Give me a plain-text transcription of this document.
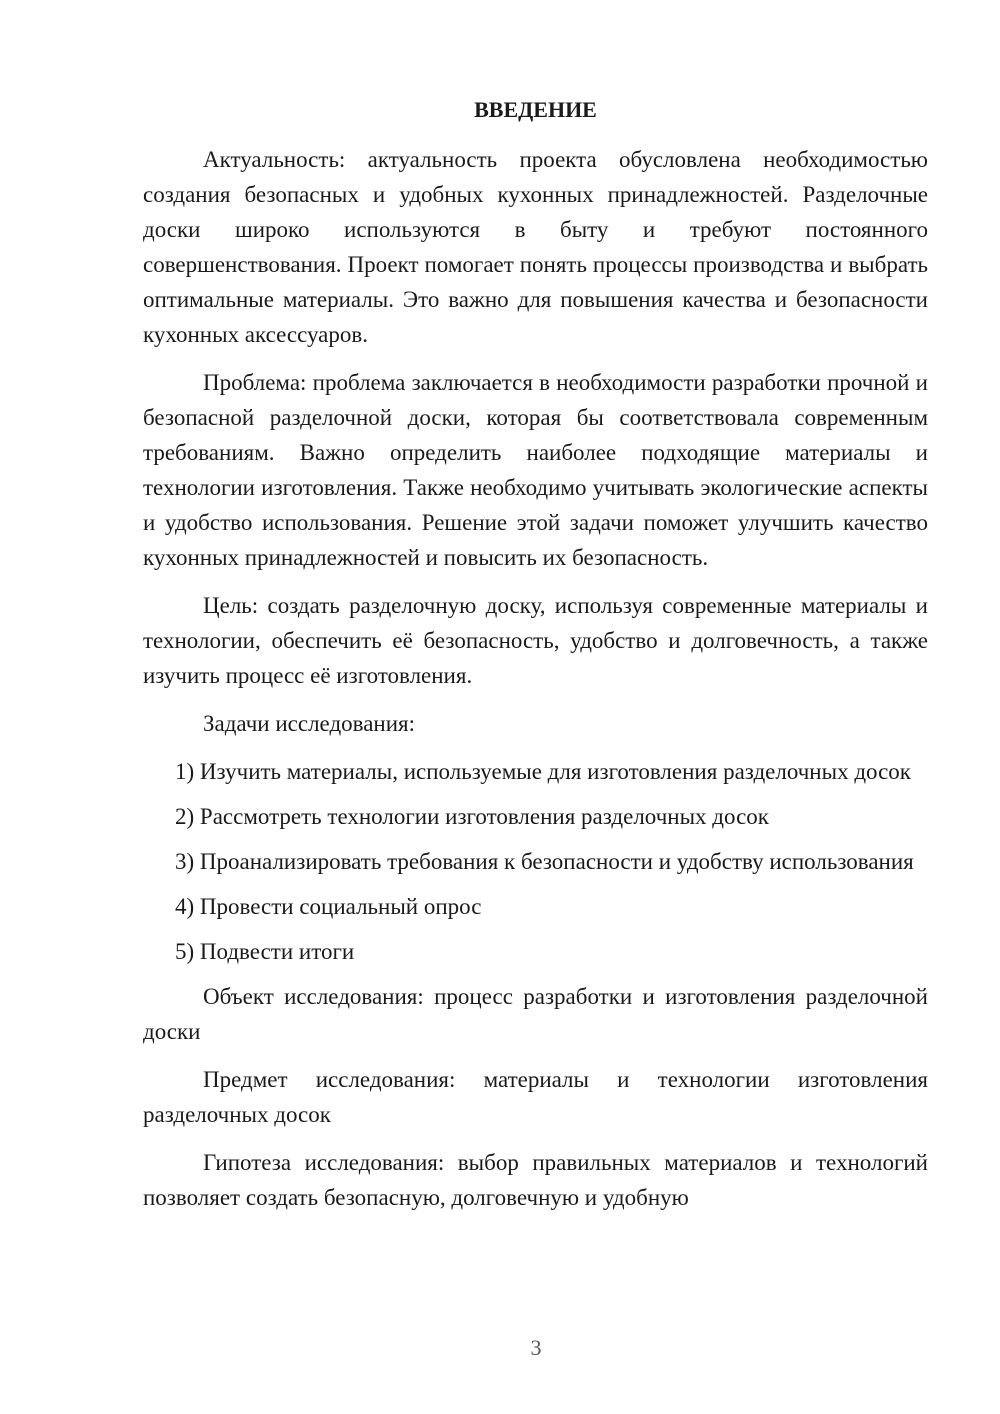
ВВЕДЕНИЕ

Актуальность: актуальность проекта обусловлена необходимостью создания безопасных и удобных кухонных принадлежностей. Разделочные доски широко используются в быту и требуют постоянного совершенствования. Проект помогает понять процессы производства и выбрать оптимальные материалы. Это важно для повышения качества и безопасности кухонных аксессуаров.

Проблема: проблема заключается в необходимости разработки прочной и безопасной разделочной доски, которая бы соответствовала современным требованиям. Важно определить наиболее подходящие материалы и технологии изготовления. Также необходимо учитывать экологические аспекты и удобство использования. Решение этой задачи поможет улучшить качество кухонных принадлежностей и повысить их безопасность.

Цель: создать разделочную доску, используя современные материалы и технологии, обеспечить её безопасность, удобство и долговечность, а также изучить процесс её изготовления.

Задачи исследования:

1) Изучить материалы, используемые для изготовления разделочных досок

2) Рассмотреть технологии изготовления разделочных досок

3) Проанализировать требования к безопасности и удобству использования

4) Провести социальный опрос

5) Подвести итоги

Объект исследования: процесс разработки и изготовления разделочной доски

Предмет исследования: материалы и технологии изготовления разделочных досок

Гипотеза исследования: выбор правильных материалов и технологий позволяет создать безопасную, долговечную и удобную

3
